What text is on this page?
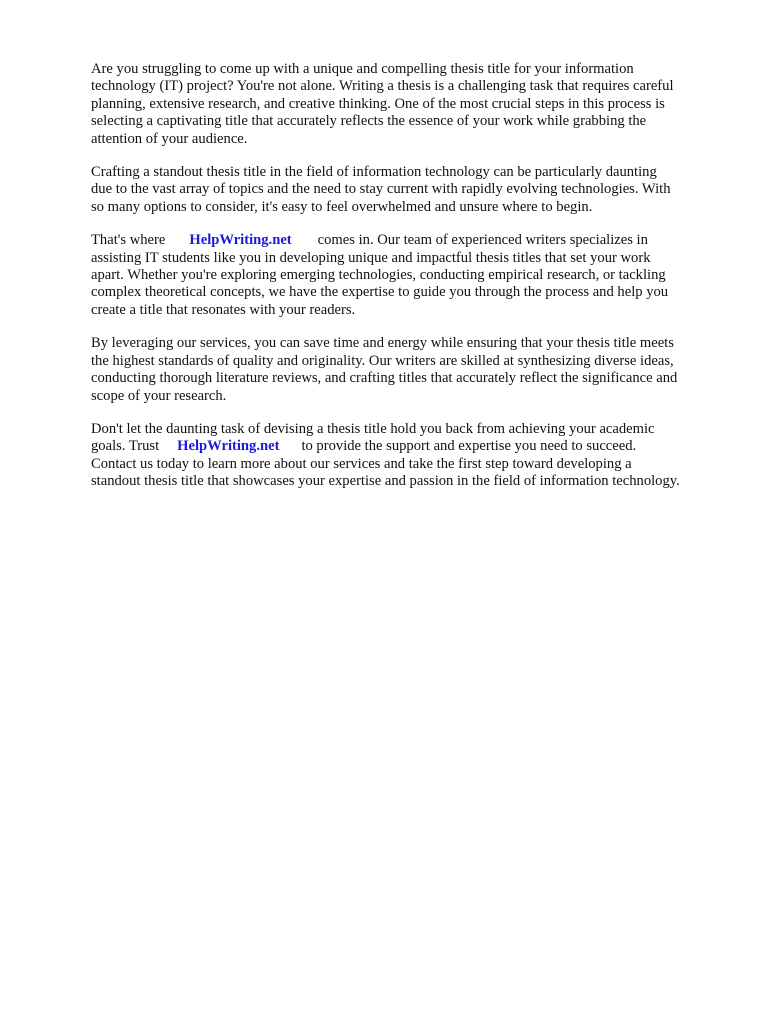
Are you struggling to come up with a unique and compelling thesis title for your information
technology (IT) project? You're not alone. Writing a thesis is a challenging task that requires careful
planning, extensive research, and creative thinking. One of the most crucial steps in this process is
selecting a captivating title that accurately reflects the essence of your work while grabbing the
attention of your audience.

Crafting a standout thesis title in the field of information technology can be particularly daunting
due to the vast array of topics and the need to stay current with rapidly evolving technologies. With
so many options to consider, it's easy to feel overwhelmed and unsure where to begin.

That's where HelpWriting.net comes in. Our team of experienced writers specializes in
assisting IT students like you in developing unique and impactful thesis titles that set your work
apart. Whether you're exploring emerging technologies, conducting empirical research, or tackling
complex theoretical concepts, we have the expertise to guide you through the process and help you
create a title that resonates with your readers.

By leveraging our services, you can save time and energy while ensuring that your thesis title meets
the highest standards of quality and originality. Our writers are skilled at synthesizing diverse ideas,
conducting thorough literature reviews, and crafting titles that accurately reflect the significance and
scope of your research.

Don't let the daunting task of devising a thesis title hold you back from achieving your academic
goals. Trust HelpWriting.net to provide the support and expertise you need to succeed.
Contact us today to learn more about our services and take the first step toward developing a
standout thesis title that showcases your expertise and passion in the field of information technology.
